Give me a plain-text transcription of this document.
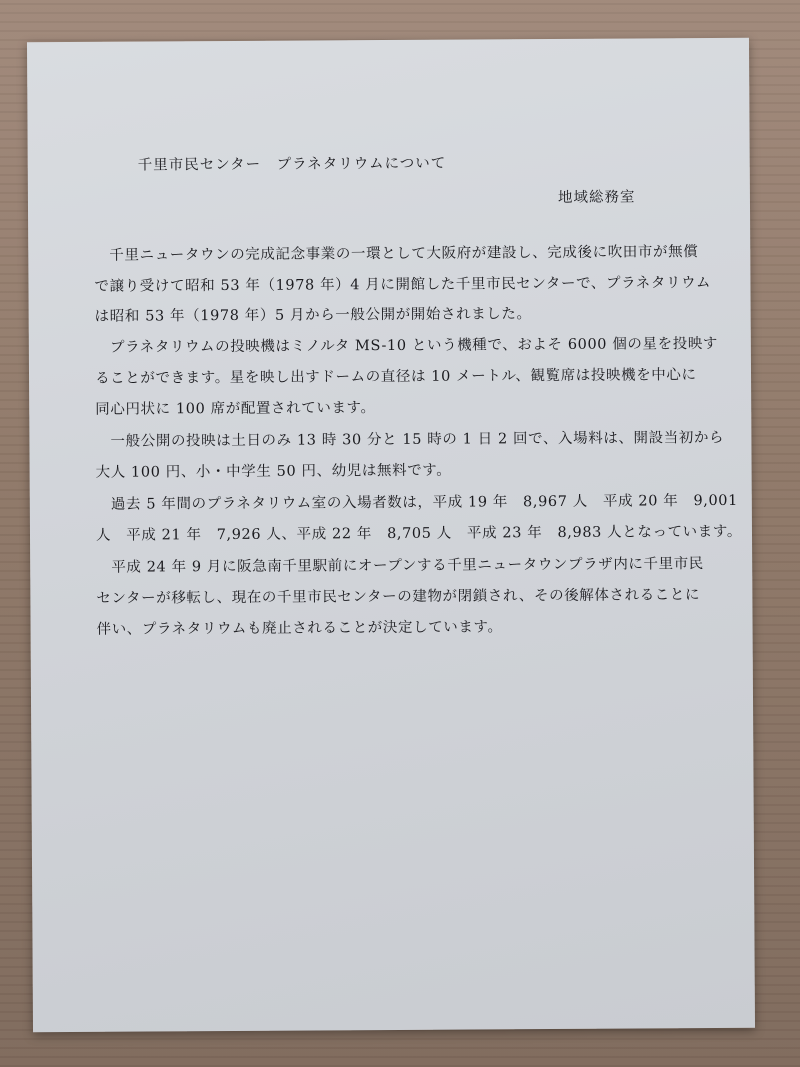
千里市民センター　プラネタリウムについて
地域総務室
　千里ニュータウンの完成記念事業の一環として大阪府が建設し、完成後に吹田市が無償
で譲り受けて昭和 53 年（1978 年）4 月に開館した千里市民センターで、プラネタリウム
は昭和 53 年（1978 年）5 月から一般公開が開始されました。
　プラネタリウムの投映機はミノルタ MS-10 という機種で、およそ 6000 個の星を投映す
ることができます。星を映し出すドームの直径は 10 メートル、観覧席は投映機を中心に
同心円状に 100 席が配置されています。
　一般公開の投映は土日のみ 13 時 30 分と 15 時の 1 日 2 回で、入場料は、開設当初から
大人 100 円、小・中学生 50 円、幼児は無料です。
　過去 5 年間のプラネタリウム室の入場者数は，平成 19 年　8,967 人　平成 20 年　9,001
人　平成 21 年　7,926 人、平成 22 年　8,705 人　平成 23 年　8,983 人となっています。
　平成 24 年 9 月に阪急南千里駅前にオープンする千里ニュータウンプラザ内に千里市民
センターが移転し、現在の千里市民センターの建物が閉鎖され、その後解体されることに
伴い、プラネタリウムも廃止されることが決定しています。
